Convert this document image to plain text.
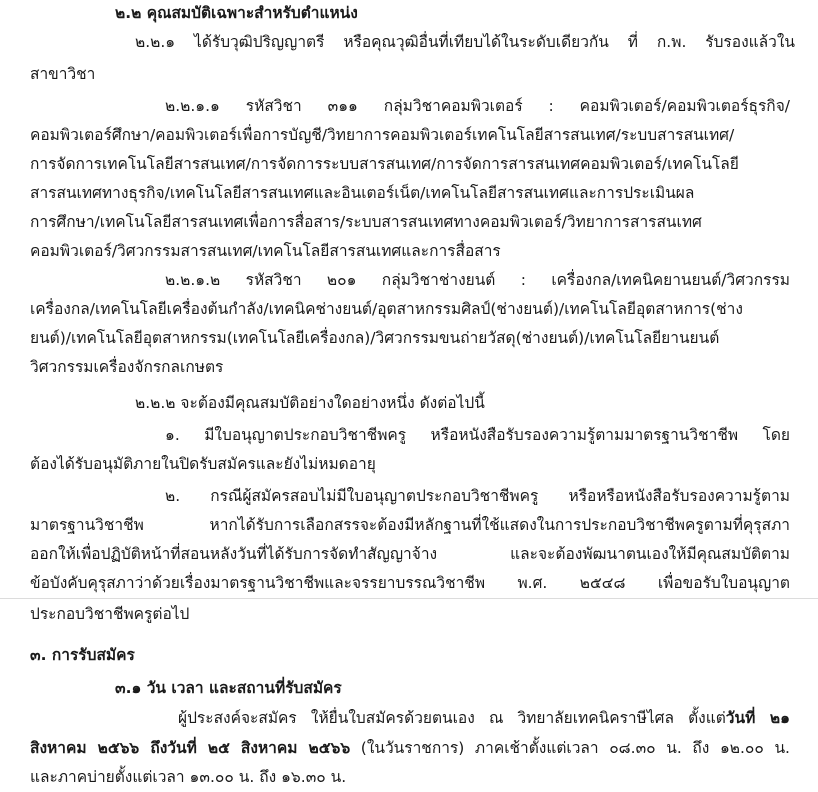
๒.๒ คุณสมบัติเฉพาะสำหรับตำแหน่ง
๒.๒.๑ ได้รับวุฒิปริญญาตรี หรือคุณวุฒิอื่นที่เทียบได้ในระดับเดียวกัน ที่ ก.พ. รับรองแล้วใน
สาขาวิชา
๒.๒.๑.๑ รหัสวิชา ๓๑๑ กลุ่มวิชาคอมพิวเตอร์ : คอมพิวเตอร์/คอมพิวเตอร์ธุรกิจ/
คอมพิวเตอร์ศึกษา/คอมพิวเตอร์เพื่อการบัญชี/วิทยาการคอมพิวเตอร์เทคโนโลยีสารสนเทศ/ระบบสารสนเทศ/
การจัดการเทคโนโลยีสารสนเทศ/การจัดการระบบสารสนเทศ/การจัดการสารสนเทศคอมพิวเตอร์/เทคโนโลยี
สารสนเทศทางธุรกิจ/เทคโนโลยีสารสนเทศและอินเตอร์เน็ต/เทคโนโลยีสารสนเทศและการประเมินผล
การศึกษา/เทคโนโลยีสารสนเทศเพื่อการสื่อสาร/ระบบสารสนเทศทางคอมพิวเตอร์/วิทยาการสารสนเทศ
คอมพิวเตอร์/วิศวกรรมสารสนเทศ/เทคโนโลยีสารสนเทศและการสื่อสาร
๒.๒.๑.๒ รหัสวิชา ๒๐๑ กลุ่มวิชาช่างยนต์ : เครื่องกล/เทคนิคยานยนต์/วิศวกรรม
เครื่องกล/เทคโนโลยีเครื่องต้นกำลัง/เทคนิคช่างยนต์/อุตสาหกรรมศิลป์(ช่างยนต์)/เทคโนโลยีอุตสาหการ(ช่าง
ยนต์)/เทคโนโลยีอุตสาหกรรม(เทคโนโลยีเครื่องกล)/วิศวกรรมขนถ่ายวัสดุ(ช่างยนต์)/เทคโนโลยียานยนต์
วิศวกรรมเครื่องจักรกลเกษตร
๒.๒.๒ จะต้องมีคุณสมบัติอย่างใดอย่างหนึ่ง ดังต่อไปนี้
๑. มีใบอนุญาตประกอบวิชาชีพครู หรือหนังสือรับรองความรู้ตามมาตรฐานวิชาชีพ โดย
ต้องได้รับอนุมัติภายในปิดรับสมัครและยังไม่หมดอายุ
๒. กรณีผู้สมัครสอบไม่มีใบอนุญาตประกอบวิชาชีพครู หรือหรือหนังสือรับรองความรู้ตาม
มาตรฐานวิชาชีพ หากได้รับการเลือกสรรจะต้องมีหลักฐานที่ใช้แสดงในการประกอบวิชาชีพครูตามที่คุรุสภา
ออกให้เพื่อปฏิบัติหน้าที่สอนหลังวันที่ได้รับการจัดทำสัญญาจ้าง และจะต้องพัฒนาตนเองให้มีคุณสมบัติตาม
ข้อบังคับคุรุสภาว่าด้วยเรื่องมาตรฐานวิชาชีพและจรรยาบรรณวิชาชีพ พ.ศ. ๒๕๔๘ เพื่อขอรับใบอนุญาต
ประกอบวิชาชีพครูต่อไป
๓. การรับสมัคร
๓.๑ วัน เวลา และสถานที่รับสมัคร
ผู้ประสงค์จะสมัคร ให้ยื่นใบสมัครด้วยตนเอง ณ วิทยาลัยเทคนิคราษีไศล ตั้งแต่วันที่ ๒๑
สิงหาคม ๒๕๖๖ ถึงวันที่ ๒๕ สิงหาคม ๒๕๖๖ (ในวันราชการ) ภาคเช้าตั้งแต่เวลา ๐๘.๓๐ น. ถึง ๑๒.๐๐ น.
และภาคบ่ายตั้งแต่เวลา ๑๓.๐๐ น. ถึง ๑๖.๓๐ น.
